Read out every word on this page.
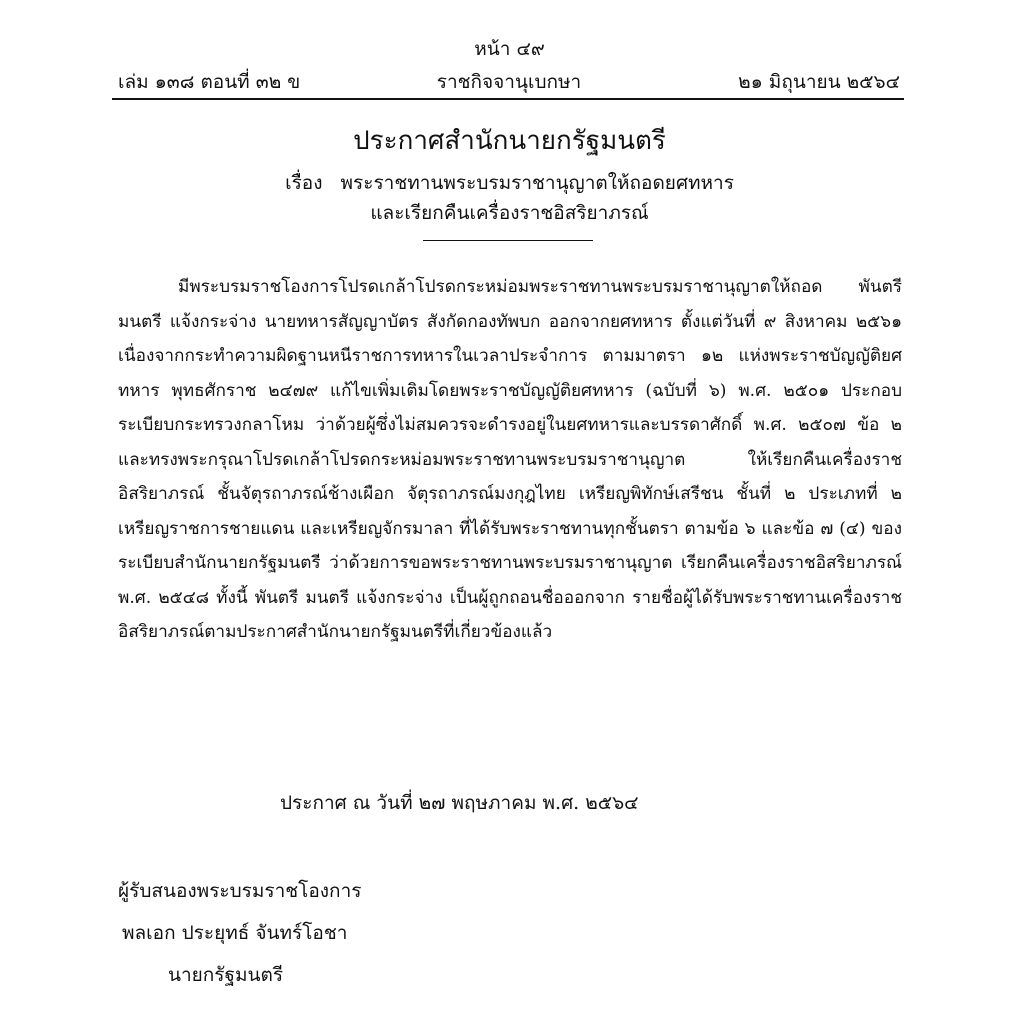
หน้า ๔๙
เล่ม ๑๓๘ ตอนที่ ๓๒ ข	ราชกิจจานุเบกษา	๒๑ มิถุนายน ๒๕๖๔
ประกาศสำนักนายกรัฐมนตรี
เรื่อง พระราชทานพระบรมราชานุญาตให้ถอดยศทหาร
และเรียกคืนเครื่องราชอิสริยาภรณ์

มีพระบรมราชโองการโปรดเกล้าโปรดกระหม่อมพระราชทานพระบรมราชานุญาตให้ถอด พันตรี มนตรี แจ้งกระจ่าง นายทหารสัญญาบัตร สังกัดกองทัพบก ออกจากยศทหาร ตั้งแต่วันที่ ๙ สิงหาคม ๒๕๖๑ เนื่องจากกระทำความผิดฐานหนีราชการทหารในเวลาประจำการ ตามมาตรา ๑๒ แห่งพระราชบัญญัติยศทหาร พุทธศักราช ๒๔๗๙ แก้ไขเพิ่มเติมโดยพระราชบัญญัติยศทหาร (ฉบับที่ ๖) พ.ศ. ๒๕๐๑ ประกอบระเบียบกระทรวงกลาโหม ว่าด้วยผู้ซึ่งไม่สมควรจะดำรงอยู่ในยศทหารและบรรดาศักดิ์ พ.ศ. ๒๕๐๗ ข้อ ๒ และทรงพระกรุณาโปรดเกล้าโปรดกระหม่อมพระราชทานพระบรมราชานุญาต ให้เรียกคืนเครื่องราชอิสริยาภรณ์ ชั้นจัตุรถาภรณ์ช้างเผือก จัตุรถาภรณ์มงกุฎไทย เหรียญพิทักษ์เสรีชน ชั้นที่ ๒ ประเภทที่ ๒ เหรียญราชการชายแดน และเหรียญจักรมาลา ที่ได้รับพระราชทานทุกชั้นตรา ตามข้อ ๖ และข้อ ๗ (๔) ของระเบียบสำนักนายกรัฐมนตรี ว่าด้วยการขอพระราชทานพระบรมราชานุญาต เรียกคืนเครื่องราชอิสริยาภรณ์ พ.ศ. ๒๕๔๘ ทั้งนี้ พันตรี มนตรี แจ้งกระจ่าง เป็นผู้ถูกถอนชื่อออกจาก รายชื่อผู้ได้รับพระราชทานเครื่องราชอิสริยาภรณ์ตามประกาศสำนักนายกรัฐมนตรีที่เกี่ยวข้องแล้ว

ประกาศ ณ วันที่ ๒๗ พฤษภาคม พ.ศ. ๒๕๖๔
ผู้รับสนองพระบรมราชโองการ
พลเอก ประยุทธ์ จันทร์โอชา
นายกรัฐมนตรี
